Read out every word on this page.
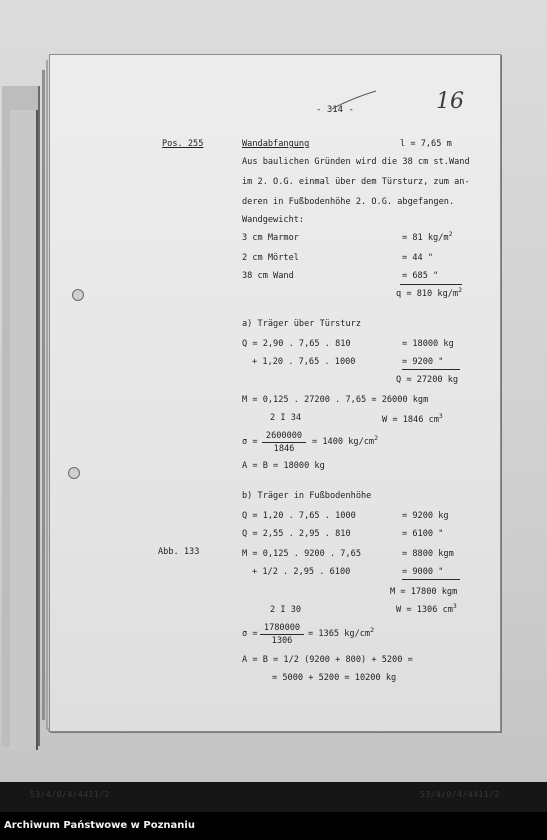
- 314 -	16
Pos. 255	Wandabfangung	l = 7,65 m
Aus baulichen Gründen wird die 38 cm st.Wand
im 2. O.G. einmal über dem Türsturz, zum an-
deren in Fußbodenhöhe 2. O.G. abgefangen.
Wandgewicht:
3 cm Marmor	= 81 $kg/m^2$
2 cm Mörtel	= 44 "
38 cm Wand	= 685 "
q = 810 $kg/m^2$
a) Träger über Türsturz
Q = 2,90 . 7,65 . 810	= 18000 kg
+ 1,20 . 7,65 . 1000	= 9200 "
Q = 27200 kg
M = 0,125 . 27200 . 7,65 = 26000 kgm
2 I 34	W = 1846 $cm^3$
σ =
2600000
1846
= 1400 $kg/cm^2$
A = B = 18000 kg
b) Träger in Fußbodenhöhe
Q = 1,20 . 7,65 . 1000	= 9200 kg
Q = 2,55 . 2,95 . 810	= 6100 "
Abb. 133	M = 0,125 . 9200 . 7,65	= 8800 kgm
+ 1/2 . 2,95 . 6100	= 9000 "
M = 17800 kgm
2 I 30	W = 1306 $cm^3$
σ =
1780000
1306
= 1365 $kg/cm^2$
A = B = 1/2 (9200 + 800) + 5200 =
= 5000 + 5200 = 10200 kg
53/4/0/4/4411/2	53/4/0/4/4411/2
Archiwum Państwowe w Poznaniu
